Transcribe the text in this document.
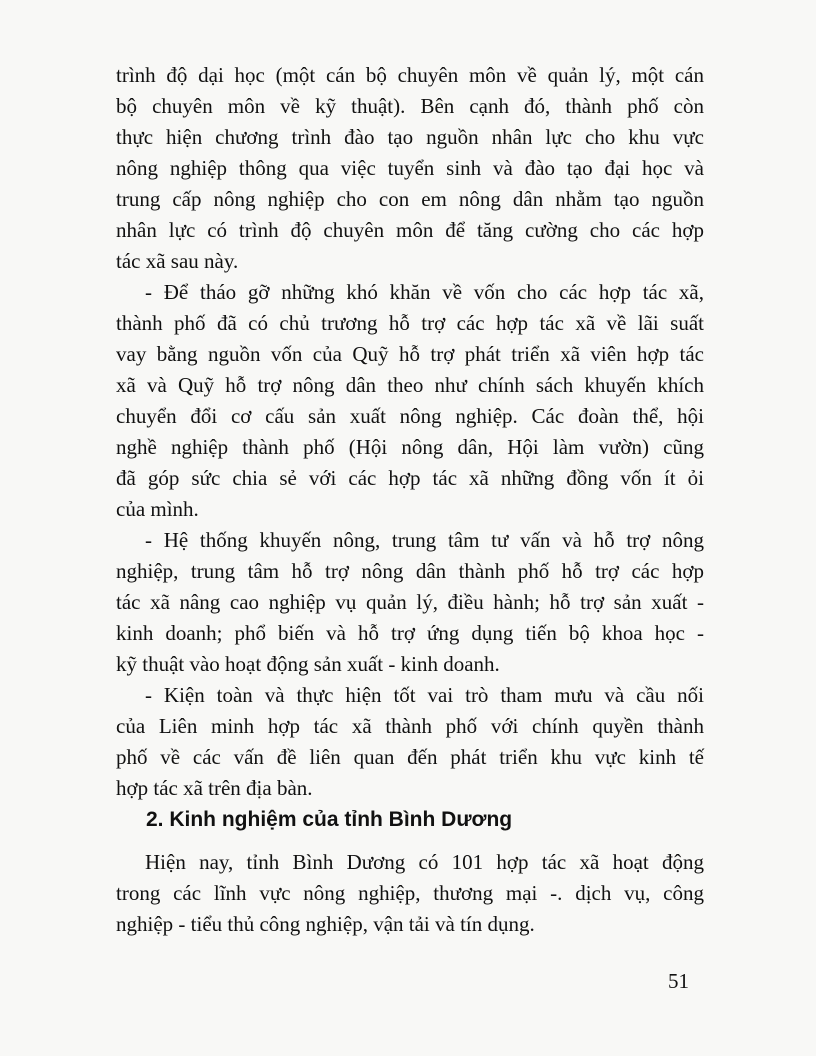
trình độ dại học (một cán bộ chuyên môn về quản lý, một cán
bộ chuyên môn về kỹ thuật). Bên cạnh đó, thành phố còn
thực hiện chương trình đào tạo nguồn nhân lực cho khu vực
nông nghiệp thông qua việc tuyển sinh và đào tạo đại học và
trung cấp nông nghiệp cho con em nông dân nhằm tạo nguồn
nhân lực có trình độ chuyên môn để tăng cường cho các hợp
tác xã sau này.
- Để tháo gỡ những khó khăn về vốn cho các hợp tác xã,
thành phố đã có chủ trương hỗ trợ các hợp tác xã về lãi suất
vay bằng nguồn vốn của Quỹ hỗ trợ phát triển xã viên hợp tác
xã và Quỹ hỗ trợ nông dân theo như chính sách khuyến khích
chuyển đổi cơ cấu sản xuất nông nghiệp. Các đoàn thể, hội
nghề nghiệp thành phố (Hội nông dân, Hội làm vườn) cũng
đã góp sức chia sẻ với các hợp tác xã những đồng vốn ít ỏi
của mình.
- Hệ thống khuyến nông, trung tâm tư vấn và hỗ trợ nông
nghiệp, trung tâm hỗ trợ nông dân thành phố hỗ trợ các hợp
tác xã nâng cao nghiệp vụ quản lý, điều hành; hỗ trợ sản xuất -
kinh doanh; phổ biến và hỗ trợ ứng dụng tiến bộ khoa học -
kỹ thuật vào hoạt động sản xuất - kinh doanh.
- Kiện toàn và thực hiện tốt vai trò tham mưu và cầu nối
của Liên minh hợp tác xã thành phố với chính quyền thành
phố về các vấn đề liên quan đến phát triển khu vực kinh tế
hợp tác xã trên địa bàn.
2. Kinh nghiệm của tỉnh Bình Dương
Hiện nay, tỉnh Bình Dương có 101 hợp tác xã hoạt động
trong các lĩnh vực nông nghiệp, thương mại -. dịch vụ, công
nghiệp - tiểu thủ công nghiệp, vận tải và tín dụng.
51
